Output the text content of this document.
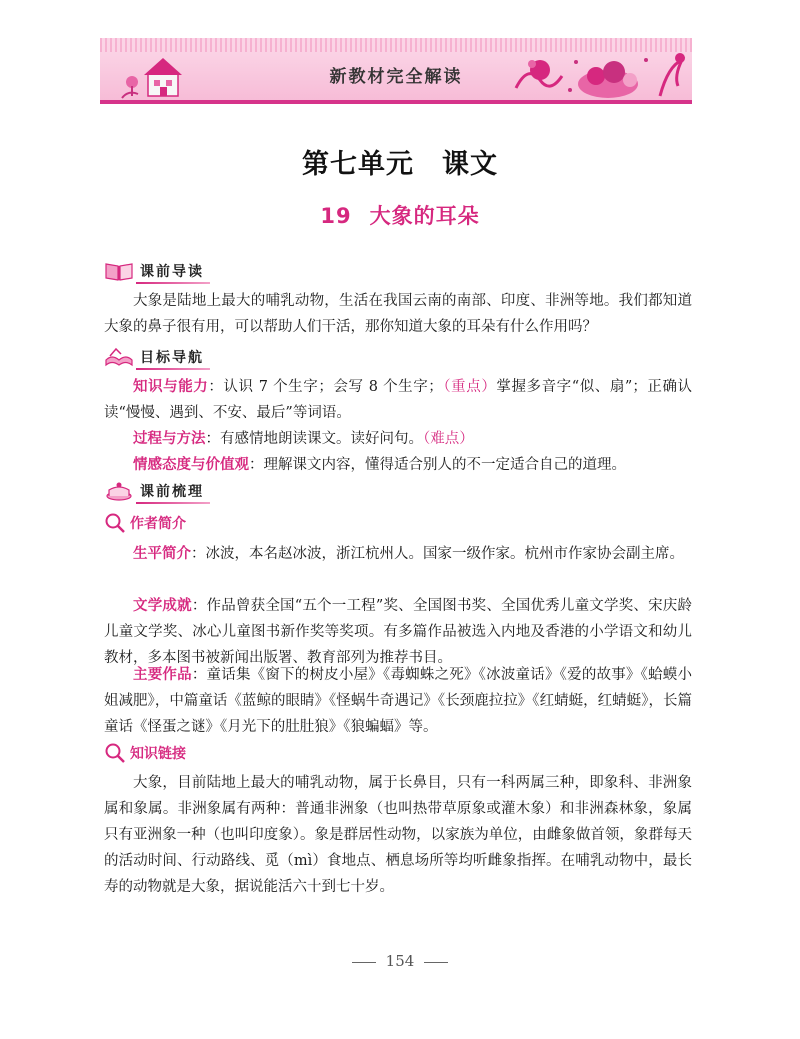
新教材完全解读
第七单元　课文
19 大象的耳朵
课前导读
大象是陆地上最大的哺乳动物，生活在我国云南的南部、印度、非洲等地。我们都知道大象的鼻子很有用，可以帮助人们干活，那你知道大象的耳朵有什么作用吗？
目标导航
知识与能力：认识 7 个生字；会写 8 个生字；（重点）掌握多音字“似、扇”；正确认读“慢慢、遇到、不安、最后”等词语。
过程与方法：有感情地朗读课文。读好问句。（难点）
情感态度与价值观：理解课文内容，懂得适合别人的不一定适合自己的道理。
课前梳理
作者简介
生平简介：冰波，本名赵冰波，浙江杭州人。国家一级作家。杭州市作家协会副主席。
文学成就：作品曾获全国“五个一工程”奖、全国图书奖、全国优秀儿童文学奖、宋庆龄儿童文学奖、冰心儿童图书新作奖等奖项。有多篇作品被选入内地及香港的小学语文和幼儿教材，多本图书被新闻出版署、教育部列为推荐书目。
主要作品：童话集《窗下的树皮小屋》《毒蜘蛛之死》《冰波童话》《爱的故事》《蛤蟆小姐减肥》，中篇童话《蓝鲸的眼睛》《怪蜗牛奇遇记》《长颈鹿拉拉》《红蜻蜓，红蜻蜓》，长篇童话《怪蛋之谜》《月光下的肚肚狼》《狼蝙蝠》等。
知识链接
大象，目前陆地上最大的哺乳动物，属于长鼻目，只有一科两属三种，即象科、非洲象属和象属。非洲象属有两种：普通非洲象（也叫热带草原象或灌木象）和非洲森林象，象属只有亚洲象一种（也叫印度象）。象是群居性动物，以家族为单位，由雌象做首领，象群每天的活动时间、行动路线、觅（mì）食地点、栖息场所等均听雌象指挥。在哺乳动物中，最长寿的动物就是大象，据说能活六十到七十岁。
154
